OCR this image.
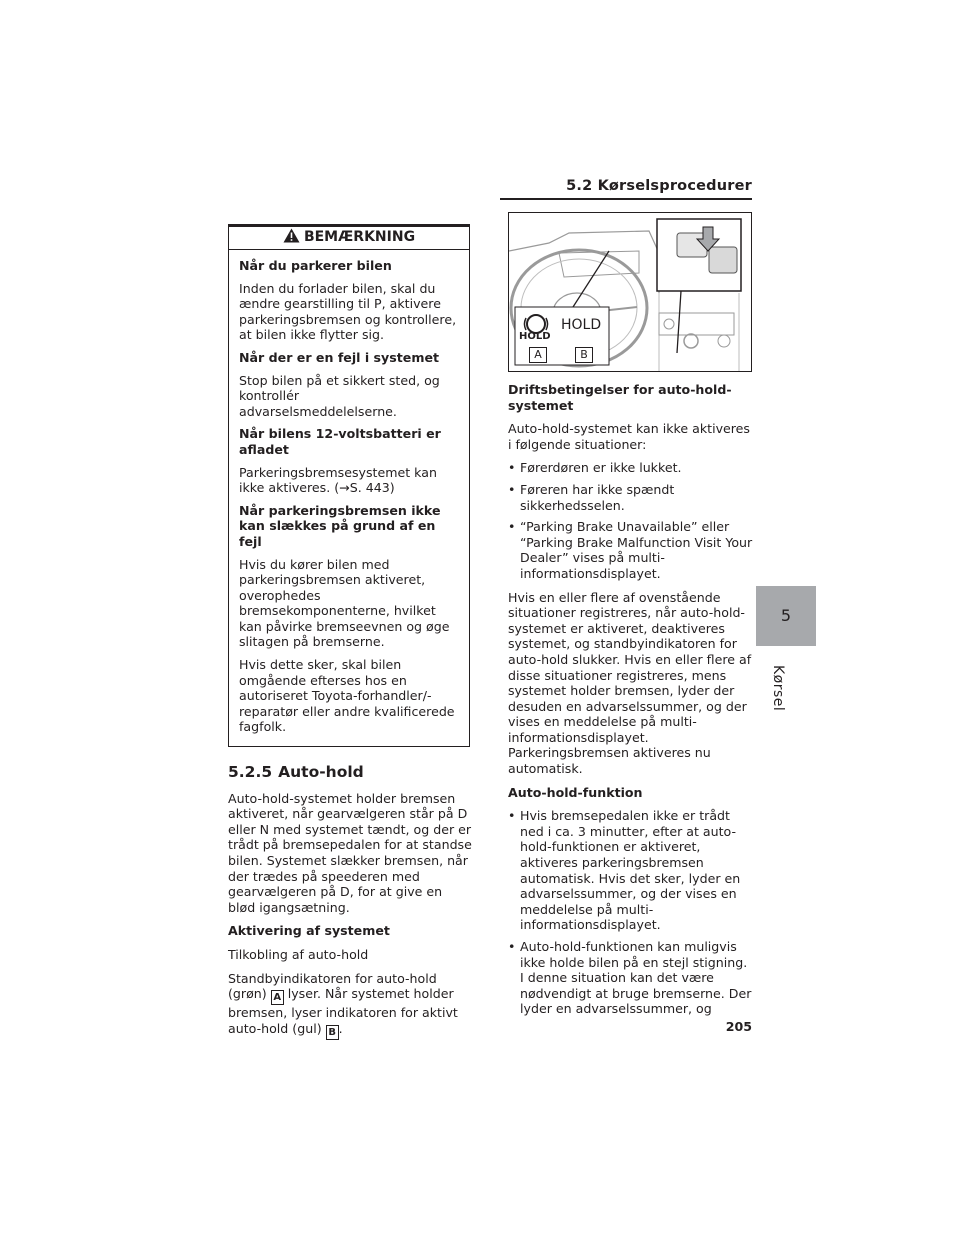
5.2 Kørselsprocedurer
BEMÆRKNING

Når du parkerer bilen

Inden du forlader bilen, skal du ændre gearstilling til P, aktivere parkeringsbremsen og kontrollere, at bilen ikke flytter sig.

Når der er en fejl i systemet

Stop bilen på et sikkert sted, og kontrollér advarselsmeddelelserne.

Når bilens 12-voltsbatteri er afladet

Parkeringsbremsesystemet kan ikke aktiveres. (→S. 443)

Når parkeringsbremsen ikke kan slækkes på grund af en fejl

Hvis du kører bilen med parkeringsbremsen aktiveret, overophedes bremsekomponenterne, hvilket kan påvirke bremseevnen og øge slitagen på bremserne.

Hvis dette sker, skal bilen omgående efterses hos en autoriseret Toyota-forhandler/-reparatør eller andre kvalificerede fagfolk.

5.2.5 Auto-hold

Auto-hold-systemet holder bremsen aktiveret, når gearvælgeren står på D eller N med systemet tændt, og der er trådt på bremsepedalen for at standse bilen. Systemet slækker bremsen, når der trædes på speederen med gearvælgeren på D, for at give en blød igangsætning.

Aktivering af systemet

Tilkobling af auto-hold

Standbyindikatoren for auto-hold (grøn) A lyser. Når systemet holder bremsen, lyser indikatoren for aktivt auto-hold (gul) B .

HOLD
HOLD
A	B

Driftsbetingelser for auto-hold-systemet

Auto-hold-systemet kan ikke aktiveres i følgende situationer:

• Førerdøren er ikke lukket.
• Føreren har ikke spændt sikkerhedsselen.
• “Parking Brake Unavailable” eller “Parking Brake Malfunction Visit Your Dealer” vises på multi-informationsdisplayet.

Hvis en eller flere af ovenstående situationer registreres, når auto-hold-systemet er aktiveret, deaktiveres systemet, og standbyindikatoren for auto-hold slukker. Hvis en eller flere af disse situationer registreres, mens systemet holder bremsen, lyder der desuden en advarselssummer, og der vises en meddelelse på multi-informationsdisplayet. Parkeringsbremsen aktiveres nu automatisk.

Auto-hold-funktion

• Hvis bremsepedalen ikke er trådt ned i ca. 3 minutter, efter at auto-hold-funktionen er aktiveret, aktiveres parkeringsbremsen automatisk. Hvis det sker, lyder en advarselssummer, og der vises en meddelelse på multi-informationsdisplayet.
• Auto-hold-funktionen kan muligvis ikke holde bilen på en stejl stigning. I denne situation kan det være nødvendigt at bruge bremserne. Der lyder en advarselssummer, og
5
Kørsel
205
